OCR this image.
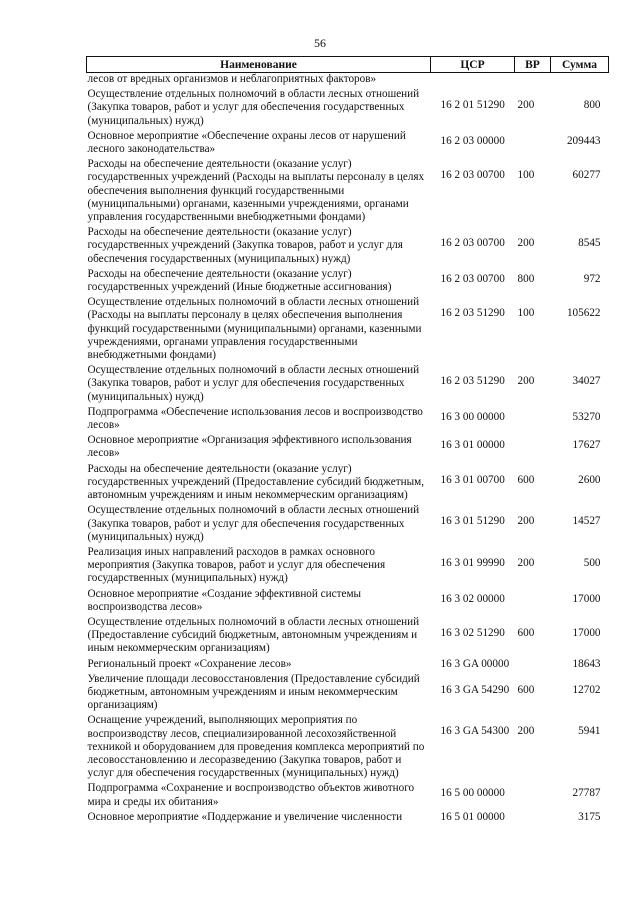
56
Наименование	ЦСР	ВР	Сумма
лесов от вредных организмов и неблагоприятных факторов»			
Осуществление отдельных полномочий в области лесных отношений (Закупка товаров, работ и услуг для обеспечения государственных (муниципальных) нужд)	16 2 01 51290	200	800
Основное мероприятие «Обеспечение охраны лесов от нарушений лесного законодательства»	16 2 03 00000		209443
Расходы на обеспечение деятельности (оказание услуг) государственных учреждений (Расходы на выплаты персоналу в целях обеспечения выполнения функций государственными (муниципальными) органами, казенными учреждениями, органами управления государственными внебюджетными фондами)	16 2 03 00700	100	60277
Расходы на обеспечение деятельности (оказание услуг) государственных учреждений (Закупка товаров, работ и услуг для обеспечения государственных (муниципальных) нужд)	16 2 03 00700	200	8545
Расходы на обеспечение деятельности (оказание услуг) государственных учреждений (Иные бюджетные ассигнования)	16 2 03 00700	800	972
Осуществление отдельных полномочий в области лесных отношений (Расходы на выплаты персоналу в целях обеспечения выполнения функций государственными (муниципальными) органами, казенными учреждениями, органами управления государственными внебюджетными фондами)	16 2 03 51290	100	105622
Осуществление отдельных полномочий в области лесных отношений (Закупка товаров, работ и услуг для обеспечения государственных (муниципальных) нужд)	16 2 03 51290	200	34027
Подпрограмма «Обеспечение использования лесов и воспроизводство лесов»	16 3 00 00000		53270
Основное мероприятие «Организация эффективного использования лесов»	16 3 01 00000		17627
Расходы на обеспечение деятельности (оказание услуг) государственных учреждений (Предоставление субсидий бюджетным, автономным учреждениям и иным некоммерческим организациям)	16 3 01 00700	600	2600
Осуществление отдельных полномочий в области лесных отношений (Закупка товаров, работ и услуг для обеспечения государственных (муниципальных) нужд)	16 3 01 51290	200	14527
Реализация иных направлений расходов в рамках основного мероприятия (Закупка товаров, работ и услуг для обеспечения государственных (муниципальных) нужд)	16 3 01 99990	200	500
Основное мероприятие «Создание эффективной системы воспроизводства лесов»	16 3 02 00000		17000
Осуществление отдельных полномочий в области лесных отношений (Предоставление субсидий бюджетным, автономным учреждениям и иным некоммерческим организациям)	16 3 02 51290	600	17000
Региональный проект «Сохранение лесов»	16 3 GA 00000		18643
Увеличение площади лесовосстановления (Предоставление субсидий бюджетным, автономным учреждениям и иным некоммерческим организациям)	16 3 GA 54290	600	12702
Оснащение учреждений, выполняющих мероприятия по воспроизводству лесов, специализированной лесохозяйственной техникой и оборудованием для проведения комплекса мероприятий по лесовосстановлению и лесоразведению (Закупка товаров, работ и услуг для обеспечения государственных (муниципальных) нужд)	16 3 GA 54300	200	5941
Подпрограмма «Сохранение и воспроизводство объектов животного мира и среды их обитания»	16 5 00 00000		27787
Основное мероприятие «Поддержание и увеличение численности	16 5 01 00000		3175
